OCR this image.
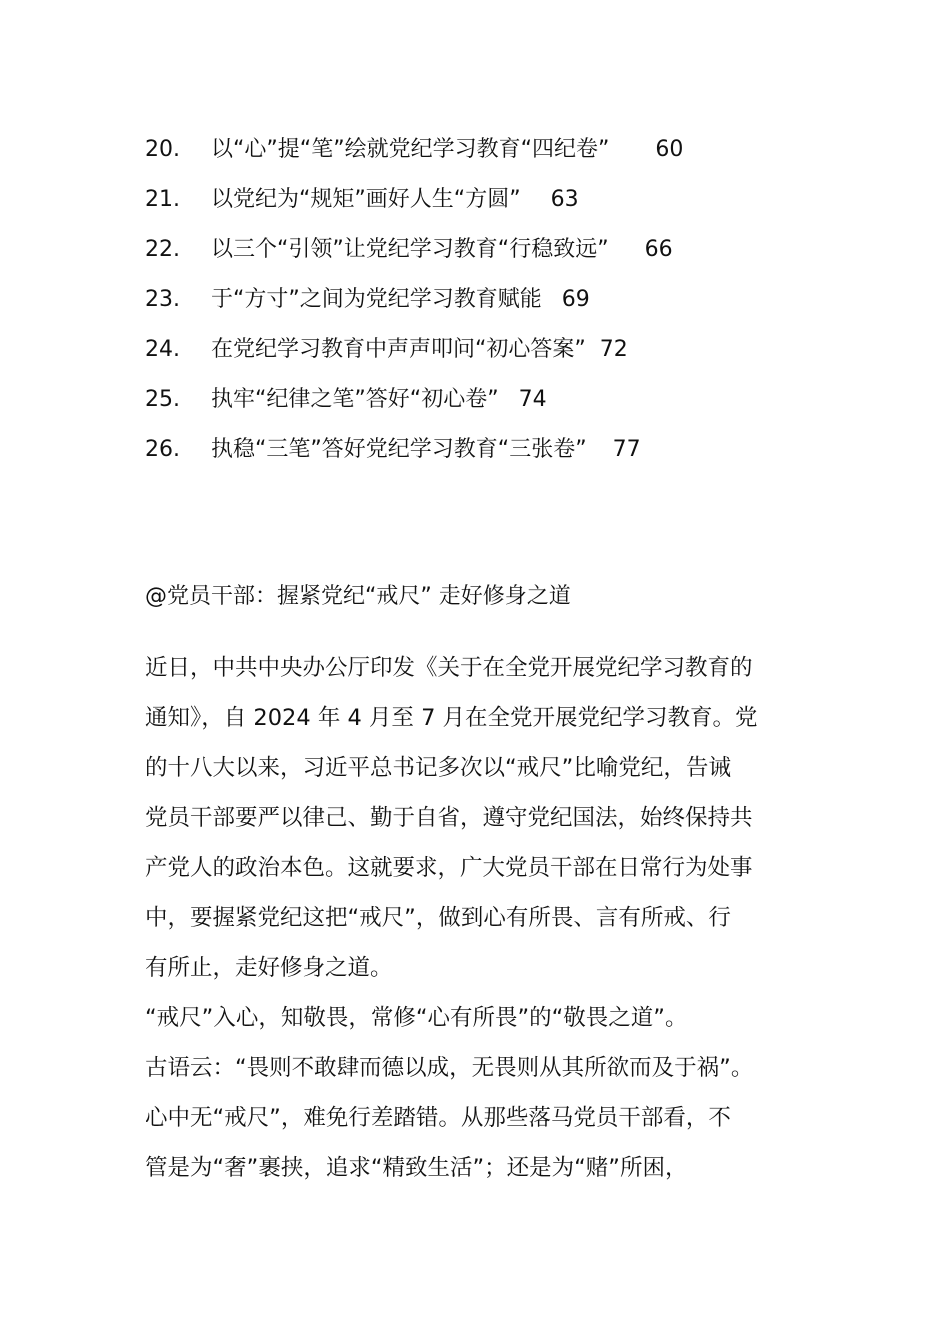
20.	以“心”提“笔”绘就党纪学习教育“四纪卷” 60
21.	以党纪为“规矩”画好人生“方圆” 63
22.	以三个“引领”让党纪学习教育“行稳致远” 66
23.	于“方寸”之间为党纪学习教育赋能 69
24.	在党纪学习教育中声声叩问“初心答案” 72
25.	执牢“纪律之笔”答好“初心卷” 74
26.	执稳“三笔”答好党纪学习教育“三张卷” 77
@党员干部：握紧党纪“戒尺” 走好修身之道
近日，中共中央办公厅印发《关于在全党开展党纪学习教育的
通知》，自 2024 年 4 月至 7 月在全党开展党纪学习教育。党
的十八大以来，习近平总书记多次以“戒尺”比喻党纪，告诫
党员干部要严以律己、勤于自省，遵守党纪国法，始终保持共
产党人的政治本色。这就要求，广大党员干部在日常行为处事
中，要握紧党纪这把“戒尺”，做到心有所畏、言有所戒、行
有所止，走好修身之道。
“戒尺”入心，知敬畏，常修“心有所畏”的“敬畏之道”。
古语云：“畏则不敢肆而德以成，无畏则从其所欲而及于祸”。
心中无“戒尺”，难免行差踏错。从那些落马党员干部看，不
管是为“奢”裹挟，追求“精致生活”；还是为“赌”所困，
